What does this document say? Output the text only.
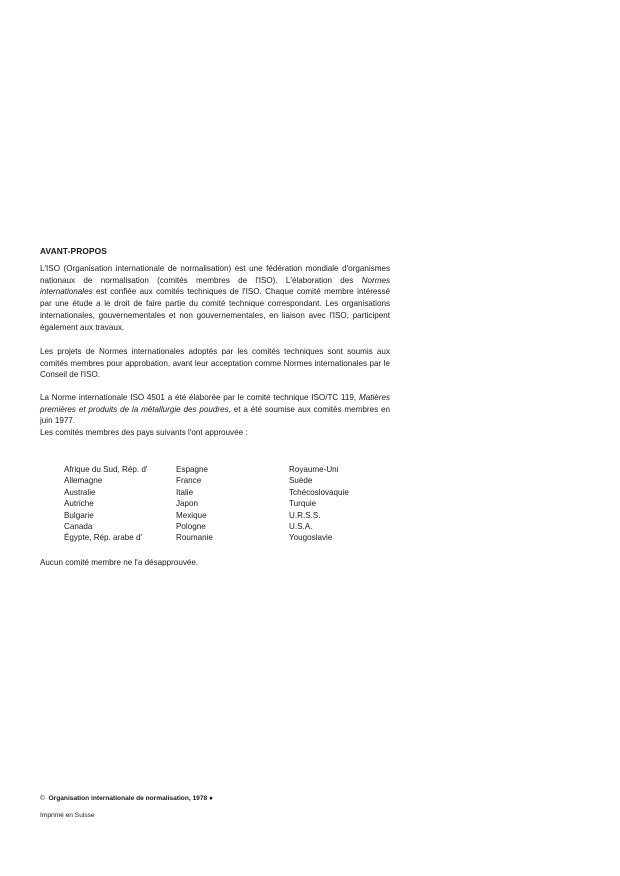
AVANT-PROPOS
L'ISO (Organisation internationale de normalisation) est une fédération mondiale d'organismes nationaux de normalisation (comités membres de l'ISO). L'élaboration des Normes internationales est confiée aux comités techniques de l'ISO. Chaque comité membre intéressé par une étude a le droit de faire partie du comité technique correspondant. Les organisations internationales, gouvernementales et non gouvernementales, en liaison avec l'ISO, participent également aux travaux.
Les projets de Normes internationales adoptés par les comités techniques sont soumis aux comités membres pour approbation, avant leur acceptation comme Normes internationales par le Conseil de l'ISO.
La Norme internationale ISO 4501 a été élaborée par le comité technique ISO/TC 119, Matières premières et produits de la métallurgie des poudres, et a été soumise aux comités membres en juin 1977.
Les comités membres des pays suivants l'ont approuvée :
Afrique du Sud, Rép. d'
Allemagne
Australie
Autriche
Bulgarie
Canada
Égypte, Rép. arabe d'
Espagne
France
Italie
Japon
Mexique
Pologne
Roumanie
Royaume-Uni
Suède
Tchécoslovaquie
Turquie
U.R.S.S.
U.S.A.
Yougoslavie
Aucun comité membre ne l'a désapprouvée.
© Organisation internationale de normalisation, 1978 ●
Imprimé en Suisse
